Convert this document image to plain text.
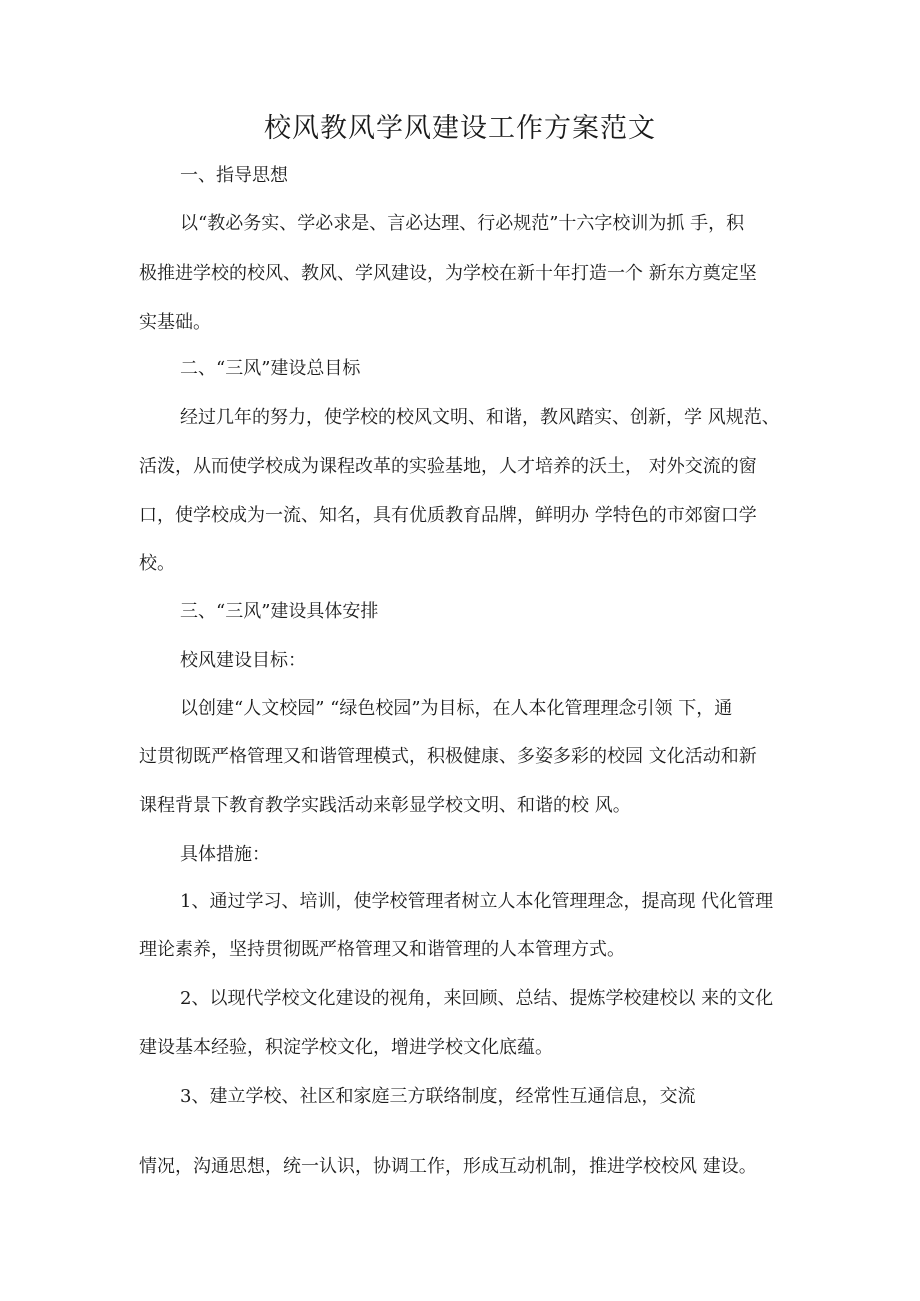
校风教风学风建设工作方案范文
一、指导思想
以“教必务实、学必求是、言必达理、行必规范”十六字校训为抓 手，积
极推进学校的校风、教风、学风建设，为学校在新十年打造一个 新东方奠定坚
实基础。
二、“三风”建设总目标
经过几年的努力，使学校的校风文明、和谐，教风踏实、创新，学 风规范、
活泼，从而使学校成为课程改革的实验基地，人才培养的沃土， 对外交流的窗
口，使学校成为一流、知名，具有优质教育品牌，鲜明办 学特色的市郊窗口学
校。
三、“三风”建设具体安排
校风建设目标：
以创建“人文校园” “绿色校园”为目标，在人本化管理理念引领 下，通
过贯彻既严格管理又和谐管理模式，积极健康、多姿多彩的校园 文化活动和新
课程背景下教育教学实践活动来彰显学校文明、和谐的校 风。
具体措施：
1、通过学习、培训，使学校管理者树立人本化管理理念，提高现 代化管理
理论素养，坚持贯彻既严格管理又和谐管理的人本管理方式。
2、以现代学校文化建设的视角，来回顾、总结、提炼学校建校以 来的文化
建设基本经验，积淀学校文化，增进学校文化底蕴。
3、建立学校、社区和家庭三方联络制度，经常性互通信息，交流
情况，沟通思想，统一认识，协调工作，形成互动机制，推进学校校风 建设。
